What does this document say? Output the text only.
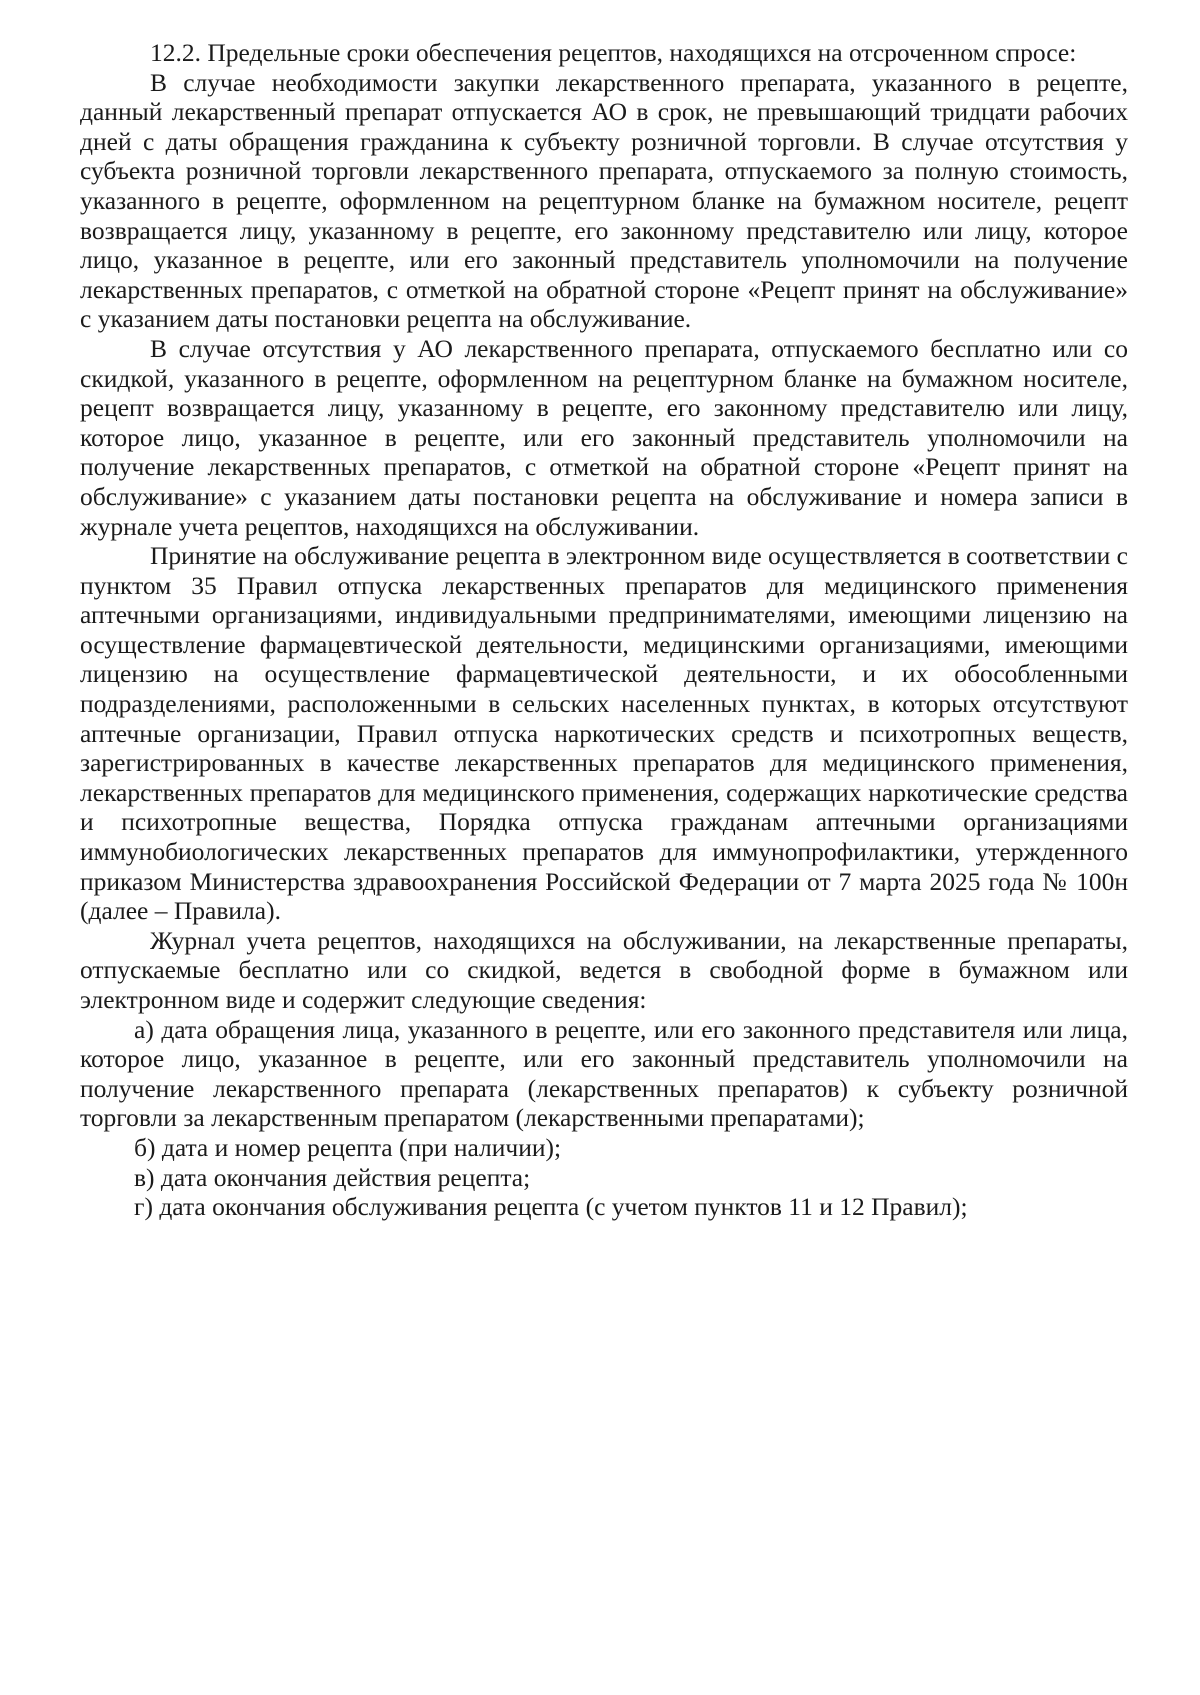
12.2. Предельные сроки обеспечения рецептов, находящихся на отсроченном спросе:

В случае необходимости закупки лекарственного препарата, указанного в рецепте, данный лекарственный препарат отпускается АО в срок, не превышающий тридцати рабочих дней с даты обращения гражданина к субъекту розничной торговли. В случае отсутствия у субъекта розничной торговли лекарственного препарата, отпускаемого за полную стоимость, указанного в рецепте, оформленном на рецептурном бланке на бумажном носителе, рецепт возвращается лицу, указанному в рецепте, его законному представителю или лицу, которое лицо, указанное в рецепте, или его законный представитель уполномочили на получение лекарственных препаратов, с отметкой на обратной стороне «Рецепт принят на обслуживание» с указанием даты постановки рецепта на обслуживание.

В случае отсутствия у АО лекарственного препарата, отпускаемого бесплатно или со скидкой, указанного в рецепте, оформленном на рецептурном бланке на бумажном носителе, рецепт возвращается лицу, указанному в рецепте, его законному представителю или лицу, которое лицо, указанное в рецепте, или его законный представитель уполномочили на получение лекарственных препаратов, с отметкой на обратной стороне «Рецепт принят на обслуживание» с указанием даты постановки рецепта на обслуживание и номера записи в журнале учета рецептов, находящихся на обслуживании.

Принятие на обслуживание рецепта в электронном виде осуществляется в соответствии с пунктом 35 Правил отпуска лекарственных препаратов для медицинского применения аптечными организациями, индивидуальными предпринимателями, имеющими лицензию на осуществление фармацевтической деятельности, медицинскими организациями, имеющими лицензию на осуществление фармацевтической деятельности, и их обособленными подразделениями, расположенными в сельских населенных пунктах, в которых отсутствуют аптечные организации, Правил отпуска наркотических средств и психотропных веществ, зарегистрированных в качестве лекарственных препаратов для медицинского применения, лекарственных препаратов для медицинского применения, содержащих наркотические средства и психотропные вещества, Порядка отпуска гражданам аптечными организациями иммунобиологических лекарственных препаратов для иммунопрофилактики, утержденного приказом Министерства здравоохранения Российской Федерации от 7 марта 2025 года № 100н (далее – Правила).

Журнал учета рецептов, находящихся на обслуживании, на лекарственные препараты, отпускаемые бесплатно или со скидкой, ведется в свободной форме в бумажном или электронном виде и содержит следующие сведения:

а) дата обращения лица, указанного в рецепте, или его законного представителя или лица, которое лицо, указанное в рецепте, или его законный представитель уполномочили на получение лекарственного препарата (лекарственных препаратов) к субъекту розничной торговли за лекарственным препаратом (лекарственными препаратами);

б) дата и номер рецепта (при наличии);

в) дата окончания действия рецепта;

г) дата окончания обслуживания рецепта (с учетом пунктов 11 и 12 Правил);
